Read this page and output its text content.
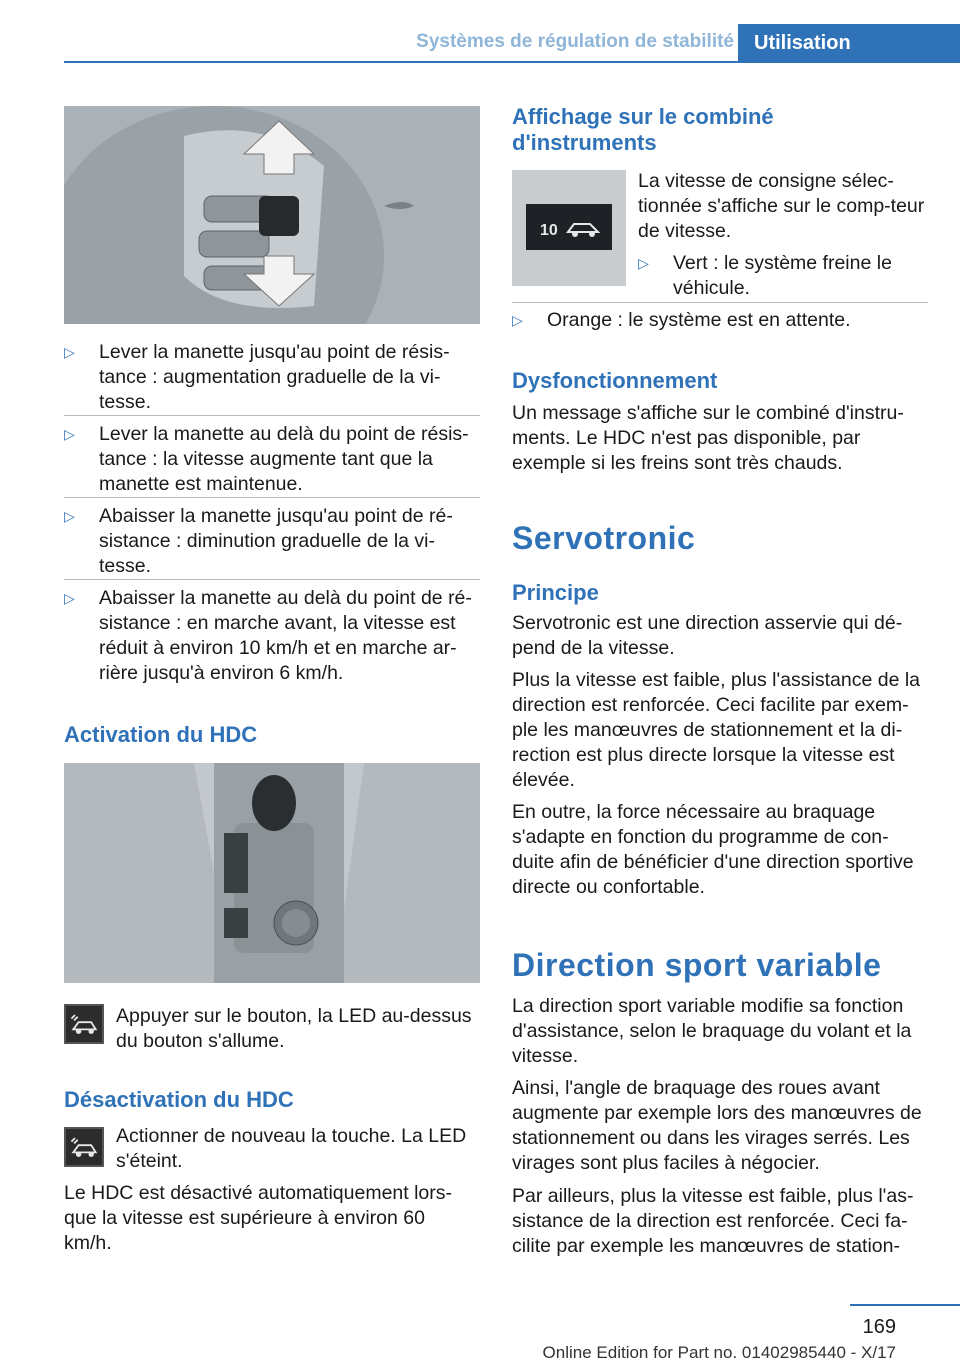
Systèmes de régulation de stabilité	Utilisation
▷	Lever la manette jusqu'au point de résis-tance : augmentation graduelle de la vi-tesse.
▷	Lever la manette au delà du point de résis-tance : la vitesse augmente tant que la manette est maintenue.
▷	Abaisser la manette jusqu'au point de ré-sistance : diminution graduelle de la vi-tesse.
▷	Abaisser la manette au delà du point de ré-sistance : en marche avant, la vitesse est réduit à environ 10 km/h et en marche ar-rière jusqu'à environ 6 km/h.
Activation du HDC
Appuyer sur le bouton, la LED au-dessus du bouton s'allume.
Désactivation du HDC
Actionner de nouveau la touche. La LED s'éteint.
Le HDC est désactivé automatiquement lors-que la vitesse est supérieure à environ 60 km/h.
Affichage sur le combiné d'instruments
10
La vitesse de consigne sélec-tionnée s'affiche sur le comp-teur de vitesse.
▷	Vert : le système freine le véhicule.
▷	Orange : le système est en attente.
Dysfonctionnement
Un message s'affiche sur le combiné d'instru-ments. Le HDC n'est pas disponible, par exemple si les freins sont très chauds.
Servotronic
Principe
Servotronic est une direction asservie qui dé-pend de la vitesse.
Plus la vitesse est faible, plus l'assistance de la direction est renforcée. Ceci facilite par exem-ple les manœuvres de stationnement et la di-rection est plus directe lorsque la vitesse est élevée.
En outre, la force nécessaire au braquage s'adapte en fonction du programme de con-duite afin de bénéficier d'une direction sportive directe ou confortable.
Direction sport variable
La direction sport variable modifie sa fonction d'assistance, selon le braquage du volant et la vitesse.
Ainsi, l'angle de braquage des roues avant augmente par exemple lors des manœuvres de stationnement ou dans les virages serrés. Les virages sont plus faciles à négocier.
Par ailleurs, plus la vitesse est faible, plus l'as-sistance de la direction est renforcée. Ceci fa-cilite par exemple les manœuvres de station-
169
Online Edition for Part no. 01402985440 - X/17
